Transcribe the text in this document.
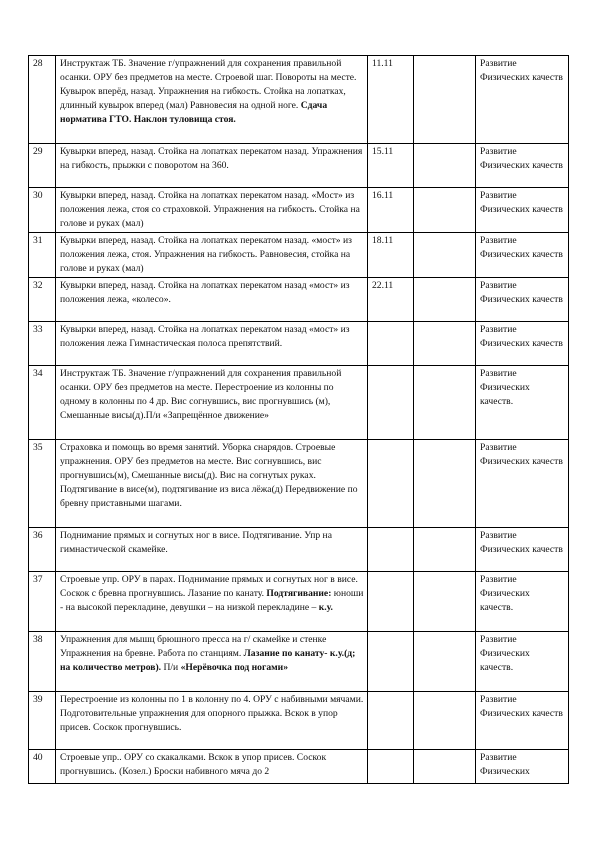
28	Инструктаж ТБ. Значение г/упражнений для сохранения правильной осанки. ОРУ без предметов на месте. Строевой шаг. Повороты на месте. Кувырок вперёд, назад. Упражнения на гибкость. Стойка на лопатках, длинный кувырок вперед (мал) Равновесия на одной ноге. Сдача норматива ГТО. Наклон туловища стоя.	11.11		Развитие Физических качеств
29	Кувырки вперед, назад. Стойка на лопатках перекатом назад. Упражнения на гибкость, прыжки с поворотом на 360.	15.11		Развитие Физических качеств
30	Кувырки вперед, назад. Стойка на лопатках перекатом назад. «Мост» из положения лежа, стоя со страховкой. Упражнения на гибкость. Стойка на голове и руках (мал)	16.11		Развитие Физических качеств
31	Кувырки вперед, назад. Стойка на лопатках перекатом назад. «мост» из положения лежа, стоя. Упражнения на гибкость. Равновесия, стойка на голове и руках (мал)	18.11		Развитие Физических качеств
32	Кувырки вперед, назад. Стойка на лопатках перекатом назад «мост» из положения лежа, «колесо».	22.11		Развитие Физических качеств
33	Кувырки вперед, назад. Стойка на лопатках перекатом назад «мост» из положения лежа Гимнастическая полоса препятствий.			Развитие Физических качеств
34	Инструктаж ТБ. Значение г/упражнений для сохранения правильной осанки. ОРУ без предметов на месте. Перестроение из колонны по одному в колонны по 4 др. Вис согнувшись, вис прогнувшись (м), Смешанные висы(д).П/и «Запрещённое движение»			Развитие Физических качеств.
35	Страховка и помощь во время занятий. Уборка снарядов. Строевые упражнения. ОРУ без предметов на месте. Вис согнувшись, вис прогнувшись(м), Смешанные висы(д). Вис на согнутых руках. Подтягивание в висе(м), подтягивание из виса лёжа(д) Передвижение по бревну приставными шагами.			Развитие Физических качеств
36	Поднимание прямых и согнутых ног в висе. Подтягивание. Упр на гимнастической скамейке.			Развитие Физических качеств
37	Строевые упр. ОРУ в парах. Поднимание прямых и согнутых ног в висе. Соскок с бревна прогнувшись. Лазание по канату. Подтягивание: юноши - на высокой перекладине, девушки – на низкой перекладине – к.у.			Развитие Физических качеств.
38	Упражнения для мышц брюшного пресса на г/ скамейке и стенке Упражнения на бревне. Работа по станциям. Лазание по канату- к.у.(д; на количество метров). П/и «Нерёвочка под ногами»			Развитие Физических качеств.
39	Перестроение из колонны по 1 в колонну по 4. ОРУ с набивными мячами. Подготовительные упражнения для опорного прыжка. Вскок в упор присев. Соскок прогнувшись.			Развитие Физических качеств
40	Строевые упр.. ОРУ со скакалками. Вскок в упор присев. Соскок прогнувшись. (Козел.) Броски набивного мяча до 2			Развитие Физических
